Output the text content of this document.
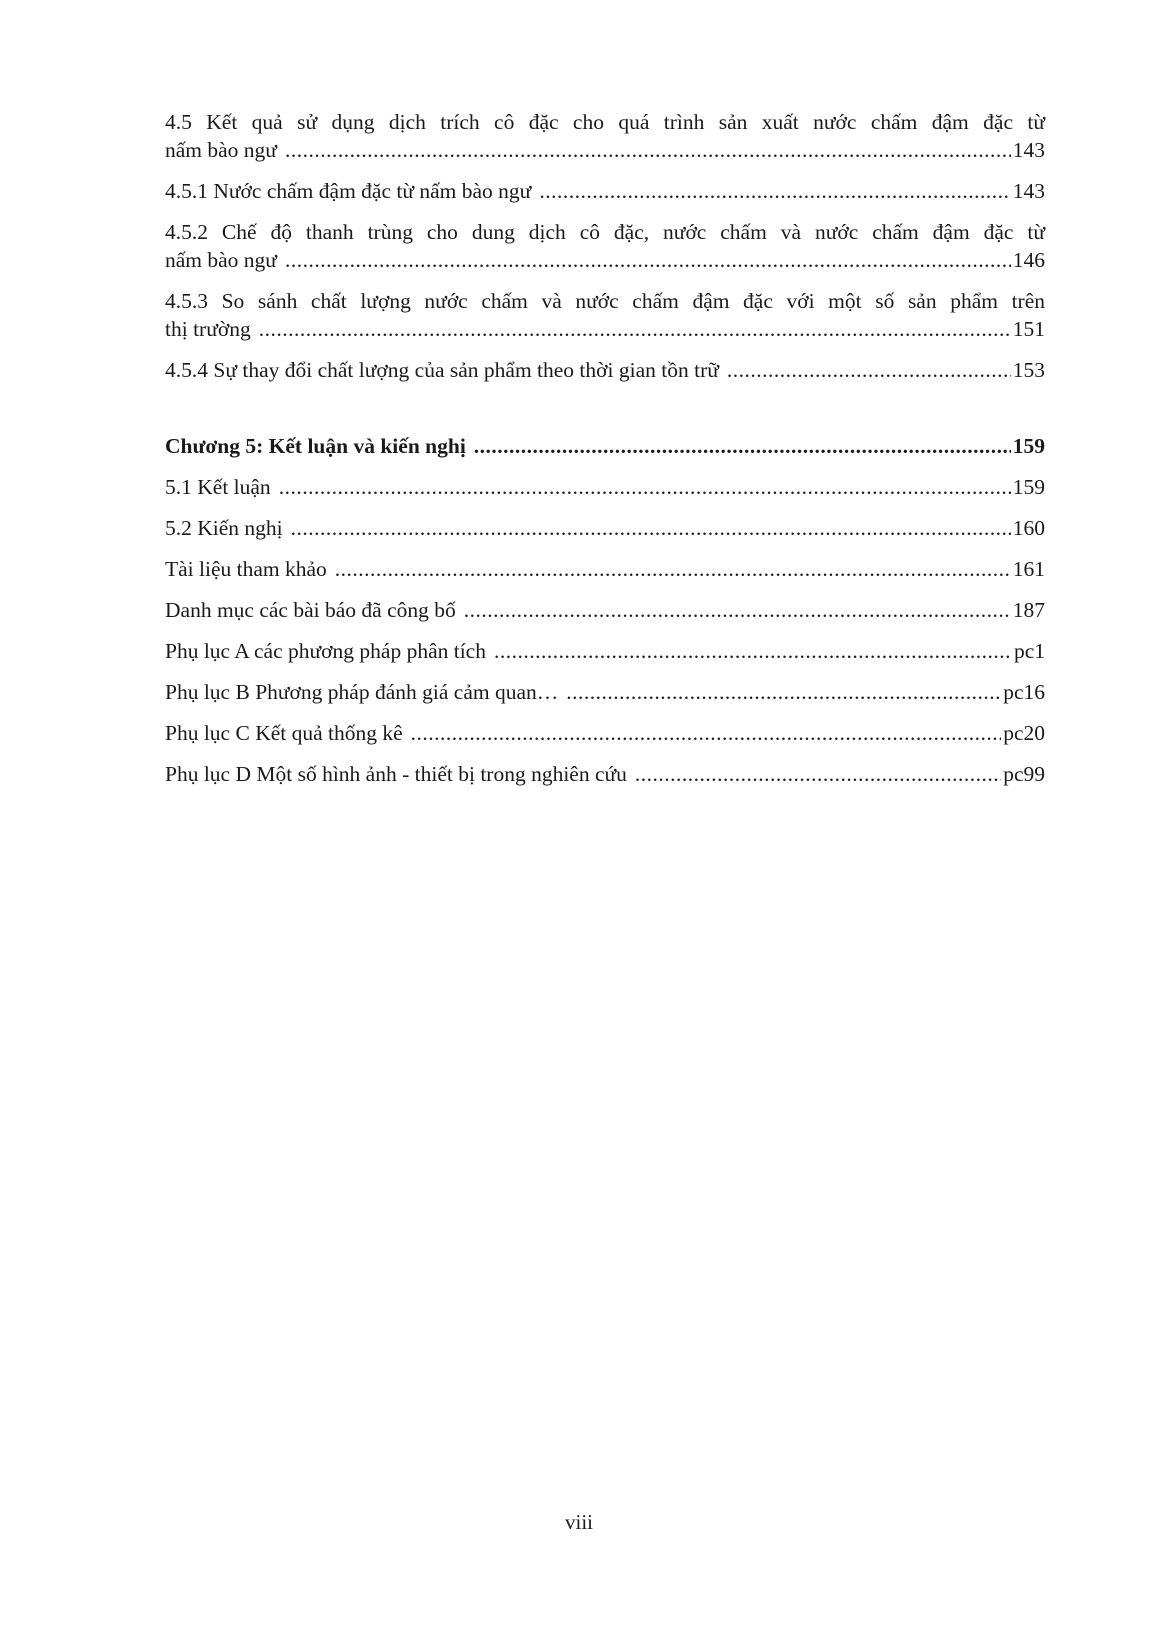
4.5 Kết quả sử dụng dịch trích cô đặc cho quá trình sản xuất nước chấm đậm đặc từ
nấm bào ngư .....	143
4.5.1 Nước chấm đậm đặc từ nấm bào ngư .....	143
4.5.2 Chế độ thanh trùng cho dung dịch cô đặc, nước chấm và nước chấm đậm đặc từ
nấm bào ngư .....	146
4.5.3 So sánh chất lượng nước chấm và nước chấm đậm đặc với một số sản phẩm trên
thị trường .....	151
4.5.4 Sự thay đổi chất lượng của sản phẩm theo thời gian tồn trữ .....	153
Chương 5: Kết luận và kiến nghị .....	159
5.1 Kết luận .....	159
5.2 Kiến nghị .....	160
Tài liệu tham khảo .....	161
Danh mục các bài báo đã công bố .....	187
Phụ lục A các phương pháp phân tích .....	pc1
Phụ lục B Phương pháp đánh giá cảm quan… .....	pc16
Phụ lục C Kết quả thống kê .....	pc20
Phụ lục D Một số hình ảnh - thiết bị trong nghiên cứu .....	pc99
viii
